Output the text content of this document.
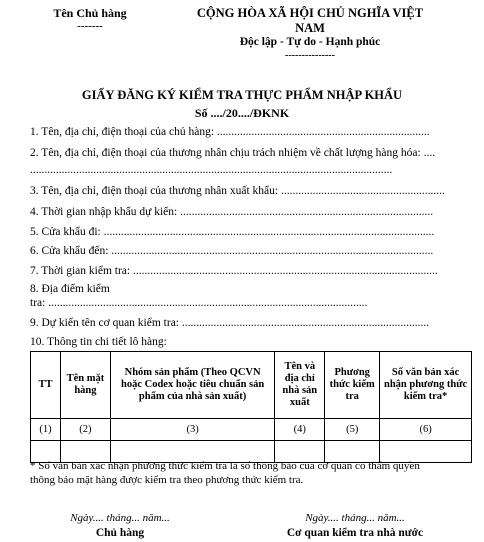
Tên Chủ hàng
-------
CỘNG HÒA XÃ HỘI CHỦ NGHĨA VIỆT
NAM
Độc lập - Tự do - Hạnh phúc
---------------
GIẤY ĐĂNG KÝ KIỂM TRA THỰC PHẨM NHẬP KHẨU
Số ..../20..../ĐKNK
1. Tên, địa chỉ, điện thoại của chủ hàng: ..........................................................................
2. Tên, địa chỉ, điện thoại của thương nhân chịu trách nhiệm về chất lượng hàng hóa: ....
..............................................................................................................................
3. Tên, địa chỉ, điện thoại của thương nhân xuất khẩu: .........................................................
4. Thời gian nhập khẩu dự kiến: ........................................................................................
5. Cửa khẩu đi: ...................................................................................................................
6. Cửa khẩu đến: ................................................................................................................
7. Thời gian kiểm tra: ..........................................................................................................
8. Địa điểm kiểm
tra: ...............................................................................................................
9. Dự kiến tên cơ quan kiểm tra: ......................................................................................
10. Thông tin chi tiết lô hàng:
TT	Tên mặt hàng	Nhóm sản phẩm (Theo QCVN hoặc Codex hoặc tiêu chuẩn sản phẩm của nhà sản xuất)	Tên và địa chỉ nhà sản xuất	Phương thức kiểm tra	Số văn bản xác nhận phương thức kiểm tra*
(1)	(2)	(3)	(4)	(5)	(6)

* Số văn bản xác nhận phương thức kiểm tra là số thông báo của cơ quan có thẩm quyền
thông báo mặt hàng được kiểm tra theo phương thức kiểm tra.
Ngày.... tháng... năm...
Chủ hàng
Ngày.... tháng... năm...
Cơ quan kiểm tra nhà nước
